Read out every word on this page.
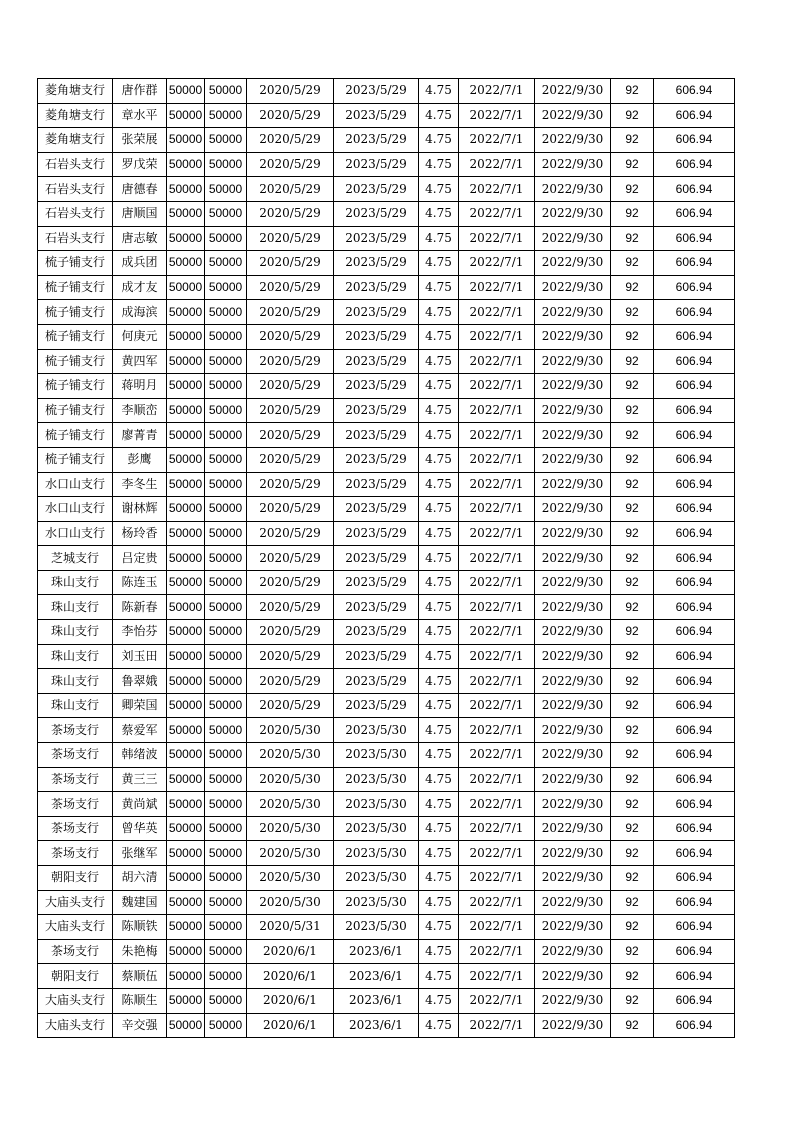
菱角塘支行	唐作群	50000	50000	2020/5/29	2023/5/29	4.75	2022/7/1	2022/9/30	92	606.94
菱角塘支行	章水平	50000	50000	2020/5/29	2023/5/29	4.75	2022/7/1	2022/9/30	92	606.94
菱角塘支行	张荣展	50000	50000	2020/5/29	2023/5/29	4.75	2022/7/1	2022/9/30	92	606.94
石岩头支行	罗戊荣	50000	50000	2020/5/29	2023/5/29	4.75	2022/7/1	2022/9/30	92	606.94
石岩头支行	唐德春	50000	50000	2020/5/29	2023/5/29	4.75	2022/7/1	2022/9/30	92	606.94
石岩头支行	唐顺国	50000	50000	2020/5/29	2023/5/29	4.75	2022/7/1	2022/9/30	92	606.94
石岩头支行	唐志敏	50000	50000	2020/5/29	2023/5/29	4.75	2022/7/1	2022/9/30	92	606.94
梳子铺支行	成兵团	50000	50000	2020/5/29	2023/5/29	4.75	2022/7/1	2022/9/30	92	606.94
梳子铺支行	成才友	50000	50000	2020/5/29	2023/5/29	4.75	2022/7/1	2022/9/30	92	606.94
梳子铺支行	成海滨	50000	50000	2020/5/29	2023/5/29	4.75	2022/7/1	2022/9/30	92	606.94
梳子铺支行	何庚元	50000	50000	2020/5/29	2023/5/29	4.75	2022/7/1	2022/9/30	92	606.94
梳子铺支行	黄四军	50000	50000	2020/5/29	2023/5/29	4.75	2022/7/1	2022/9/30	92	606.94
梳子铺支行	蒋明月	50000	50000	2020/5/29	2023/5/29	4.75	2022/7/1	2022/9/30	92	606.94
梳子铺支行	李顺峦	50000	50000	2020/5/29	2023/5/29	4.75	2022/7/1	2022/9/30	92	606.94
梳子铺支行	廖菁青	50000	50000	2020/5/29	2023/5/29	4.75	2022/7/1	2022/9/30	92	606.94
梳子铺支行	彭鹰	50000	50000	2020/5/29	2023/5/29	4.75	2022/7/1	2022/9/30	92	606.94
水口山支行	李冬生	50000	50000	2020/5/29	2023/5/29	4.75	2022/7/1	2022/9/30	92	606.94
水口山支行	谢林辉	50000	50000	2020/5/29	2023/5/29	4.75	2022/7/1	2022/9/30	92	606.94
水口山支行	杨玲香	50000	50000	2020/5/29	2023/5/29	4.75	2022/7/1	2022/9/30	92	606.94
芝城支行	吕定贵	50000	50000	2020/5/29	2023/5/29	4.75	2022/7/1	2022/9/30	92	606.94
珠山支行	陈连玉	50000	50000	2020/5/29	2023/5/29	4.75	2022/7/1	2022/9/30	92	606.94
珠山支行	陈新春	50000	50000	2020/5/29	2023/5/29	4.75	2022/7/1	2022/9/30	92	606.94
珠山支行	李怡芬	50000	50000	2020/5/29	2023/5/29	4.75	2022/7/1	2022/9/30	92	606.94
珠山支行	刘玉田	50000	50000	2020/5/29	2023/5/29	4.75	2022/7/1	2022/9/30	92	606.94
珠山支行	鲁翠娥	50000	50000	2020/5/29	2023/5/29	4.75	2022/7/1	2022/9/30	92	606.94
珠山支行	卿荣国	50000	50000	2020/5/29	2023/5/29	4.75	2022/7/1	2022/9/30	92	606.94
茶场支行	蔡爱军	50000	50000	2020/5/30	2023/5/30	4.75	2022/7/1	2022/9/30	92	606.94
茶场支行	韩绪波	50000	50000	2020/5/30	2023/5/30	4.75	2022/7/1	2022/9/30	92	606.94
茶场支行	黄三三	50000	50000	2020/5/30	2023/5/30	4.75	2022/7/1	2022/9/30	92	606.94
茶场支行	黄尚斌	50000	50000	2020/5/30	2023/5/30	4.75	2022/7/1	2022/9/30	92	606.94
茶场支行	曾华英	50000	50000	2020/5/30	2023/5/30	4.75	2022/7/1	2022/9/30	92	606.94
茶场支行	张继军	50000	50000	2020/5/30	2023/5/30	4.75	2022/7/1	2022/9/30	92	606.94
朝阳支行	胡六清	50000	50000	2020/5/30	2023/5/30	4.75	2022/7/1	2022/9/30	92	606.94
大庙头支行	魏建国	50000	50000	2020/5/30	2023/5/30	4.75	2022/7/1	2022/9/30	92	606.94
大庙头支行	陈顺铁	50000	50000	2020/5/31	2023/5/30	4.75	2022/7/1	2022/9/30	92	606.94
茶场支行	朱艳梅	50000	50000	2020/6/1	2023/6/1	4.75	2022/7/1	2022/9/30	92	606.94
朝阳支行	蔡顺伍	50000	50000	2020/6/1	2023/6/1	4.75	2022/7/1	2022/9/30	92	606.94
大庙头支行	陈顺生	50000	50000	2020/6/1	2023/6/1	4.75	2022/7/1	2022/9/30	92	606.94
大庙头支行	辛交强	50000	50000	2020/6/1	2023/6/1	4.75	2022/7/1	2022/9/30	92	606.94
